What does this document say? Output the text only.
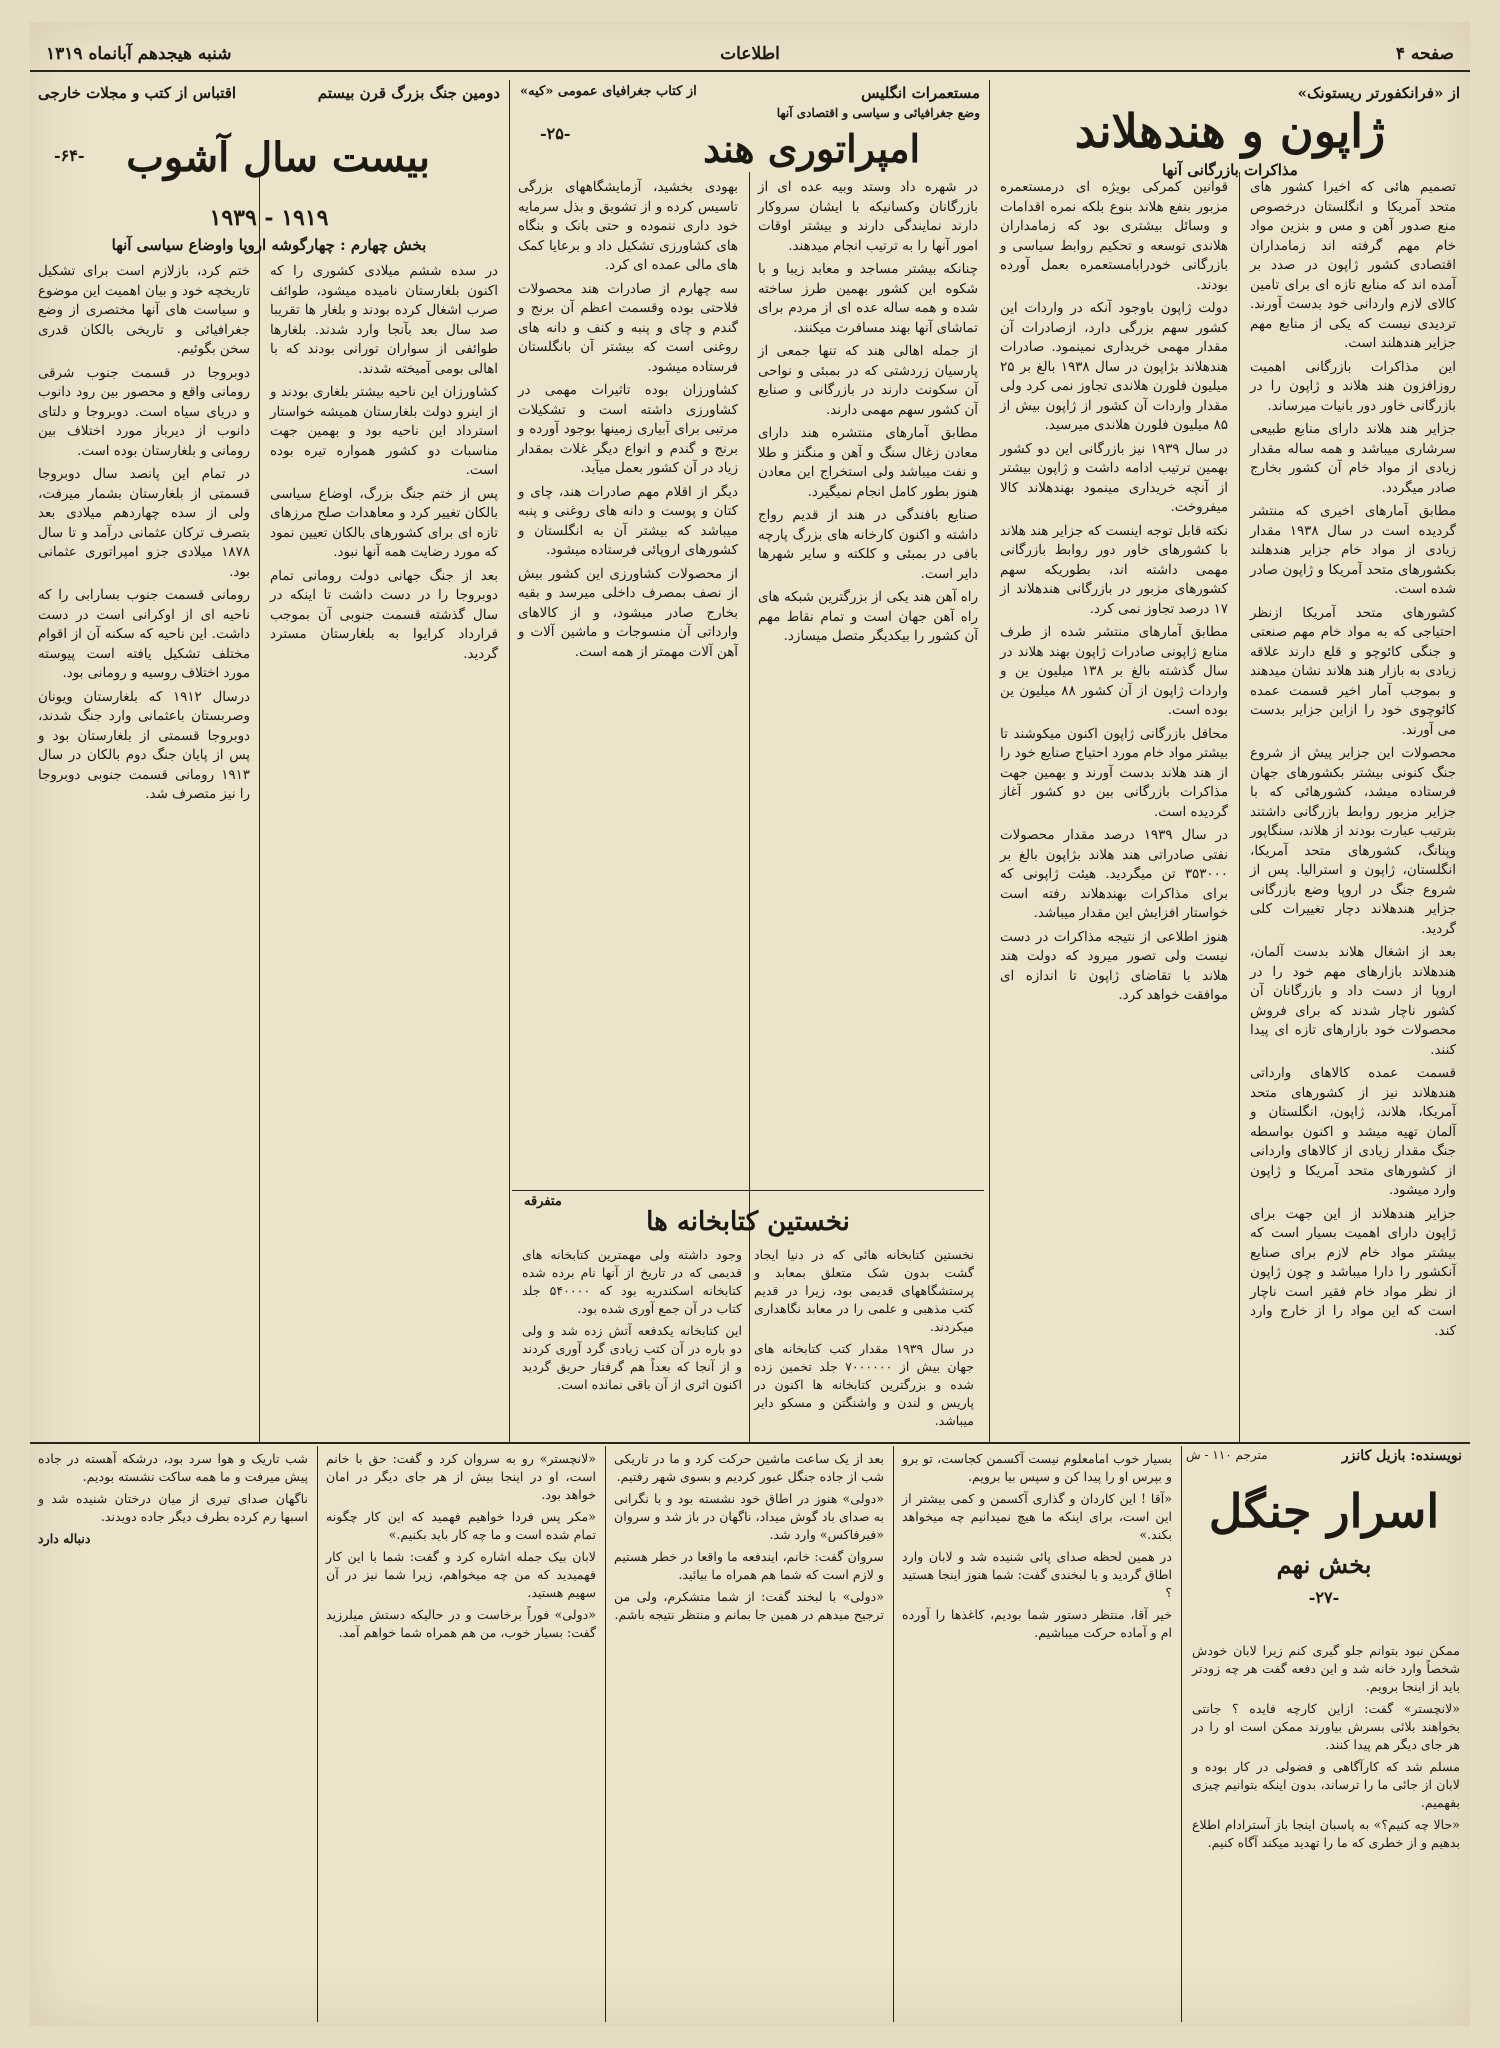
صفحه ۴
اطلاعات
شنبه هیجدهم آبانماه ۱۳۱۹
از «فرانکفورتر ریستونک»
ژاپون و هندهلاند
مذاکرات بازرگانی آنها

تصمیم هائی که اخیرا کشور های متحد آمریکا و انگلستان درخصوص منع صدور آهن و مس و بنزین مواد خام مهم گرفته اند زمامداران اقتصادی کشور ژاپون در صدد بر آمده اند که منابع تازه ای برای تامین کالای لازم واردانی خود بدست آورند. تردیدی نیست که یکی از منابع مهم جزایر هندهلند است.

این مذاکرات بازرگانی اهمیت روزافزون هند هلاند و ژاپون را در بازرگانی خاور دور بانیات میرساند.

جزایر هند هلاند دارای منابع طبیعی سرشاری میباشد و همه ساله مقدار زیادی از مواد خام آن کشور بخارج صادر میگردد.

مطابق آمارهای اخیری که منتشر گردیده است در سال ۱۹۳۸ مقدار زیادی از مواد خام جزایر هندهلند بکشورهای متحد آمریکا و ژاپون صادر شده است.

کشورهای متحد آمریکا ازنظر احتیاجی که به مواد خام مهم صنعتی و جنگی کائوچو و قلع دارند علاقه زیادی به بازار هند هلاند نشان میدهند و بموجب آمار اخیر قسمت عمده کائوچوی خود را ازاین جزایر بدست می آورند.

محصولات این جزایر پیش از شروع جنگ کنونی بیشتر بکشورهای جهان فرستاده میشد، کشورهائی که با جزایر مزبور روابط بازرگانی داشتند بترتیب عبارت بودند از هلاند، سنگاپور وپنانگ، کشورهای متحد آمریکا، انگلستان، ژاپون و استرالیا. پس از شروع جنگ در اروپا وضع بازرگانی جزایر هندهلاند دچار تغییرات کلی گردید.

بعد از اشغال هلاند بدست آلمان، هندهلاند بازارهای مهم خود را در اروپا از دست داد و بازرگانان آن کشور ناچار شدند که برای فروش محصولات خود بازارهای تازه ای پیدا کنند.

قسمت عمده کالاهای وارداتی هندهلاند نیز از کشورهای متحد آمریکا، هلاند، ژاپون، انگلستان و آلمان تهیه میشد و اکنون بواسطه جنگ مقدار زیادی از کالاهای واردانی از کشورهای متحد آمریکا و ژاپون وارد میشود.

جزایر هندهلاند از این جهت برای ژاپون دارای اهمیت بسیار است که بیشتر مواد خام لازم برای صنایع آنکشور را دارا میباشد و چون ژاپون از نظر مواد خام فقیر است ناچار است که این مواد را از خارج وارد کند.

قوانین کمرکی بویژه ای درمستعمره مزبور بنفع هلاند بنوع بلکه نمره اقدامات و وسائل بیشتری بود که زمامداران هلاندی توسعه و تحکیم روابط سیاسی و بازرگانی خودرابامستعمره بعمل آورده بودند.

دولت ژاپون باوجود آنکه در واردات این کشور سهم بزرگی دارد، ازصادرات آن مقدار مهمی خریداری نمینمود. صادرات هندهلاند بژاپون در سال ۱۹۳۸ بالغ بر ۲۵ میلیون فلورن هلاندی تجاوز نمی کرد ولی مقدار واردات آن کشور از ژاپون بیش از ۸۵ میلیون فلورن هلاندی میرسید.

در سال ۱۹۳۹ نیز بازرگانی این دو کشور بهمین ترتیب ادامه داشت و ژاپون بیشتر از آنچه خریداری مینمود بهندهلاند کالا میفروخت.

نکته قابل توجه اینست که جزایر هند هلاند با کشورهای خاور دور روابط بازرگانی مهمی داشته اند، بطوریکه سهم کشورهای مزبور در بازرگانی هندهلاند از ۱۷ درصد تجاوز نمی کرد.

مطابق آمارهای منتشر شده از طرف منابع ژاپونی صادرات ژاپون بهند هلاند در سال گذشته بالغ بر ۱۳۸ میلیون ین و واردات ژاپون از آن کشور ۸۸ میلیون ین بوده است.

محافل بازرگانی ژاپون اکنون میکوشند تا بیشتر مواد خام مورد احتیاج صنایع خود را از هند هلاند بدست آورند و بهمین جهت مذاکرات بازرگانی بین دو کشور آغاز گردیده است.

در سال ۱۹۳۹ درصد مقدار محصولات نفتی صادراتی هند هلاند بژاپون بالغ بر ۳۵۳۰۰۰ تن میگردید. هیئت ژاپونی که برای مذاکرات بهندهلاند رفته است خواستار افزایش این مقدار میباشد.

هنوز اطلاعی از نتیجه مذاکرات در دست نیست ولی تصور میرود که دولت هند هلاند با تقاضای ژاپون تا اندازه ای موافقت خواهد کرد.

مستعمرات انگلیس
از کتاب جغرافیای عمومی «کیه»
وضع جغرافیائی و سیاسی و اقتصادی آنها
-۲۵-	امپراتوری هند

در شهره داد وستد وبیه عده ای از بازرگانان وکسانیکه با ایشان سروکار دارند نمایندگی دارند و بیشتر اوقات امور آنها را به ترتیب انجام میدهند.

چنانکه بیشتر مساجد و معابد زیبا و با شکوه این کشور بهمین طرز ساخته شده و همه ساله عده ای از مردم برای تماشای آنها بهند مسافرت میکنند.

از جمله اهالی هند که تنها جمعی از پارسیان زردشتی که در بمبئی و نواحی آن سکونت دارند در بازرگانی و صنایع آن کشور سهم مهمی دارند.

مطابق آمارهای منتشره هند دارای معادن زغال سنگ و آهن و منگنز و طلا و نفت میباشد ولی استخراج این معادن هنوز بطور کامل انجام نمیگیرد.

صنایع بافندگی در هند از قدیم رواج داشته و اکنون کارخانه های بزرگ پارچه بافی در بمبئی و کلکته و سایر شهرها دایر است.

راه آهن هند یکی از بزرگترین شبکه های راه آهن جهان است و تمام نقاط مهم آن کشور را بیکدیگر متصل میسازد.

بهودی بخشید، آزمایشگاههای بزرگی تاسیس کرده و از تشویق و بذل سرمایه خود داری ننموده و حتی بانک و بنگاه های کشاورزی تشکیل داد و برعایا کمک های مالی عمده ای کرد.

سه چهارم از صادرات هند محصولات فلاحتی بوده وقسمت اعظم آن برنج و گندم و چای و پنبه و کنف و دانه های روغنی است که بیشتر آن بانگلستان فرستاده میشود.

کشاورزان بوده تاثیرات مهمی در کشاورزی داشته است و تشکیلات مرتبی برای آبیاری زمینها بوجود آورده و برنج و گندم و انواع دیگر غلات بمقدار زیاد در آن کشور بعمل میآید.

دیگر از اقلام مهم صادرات هند، چای و کتان و پوست و دانه های روغنی و پنبه میباشد که بیشتر آن به انگلستان و کشورهای اروپائی فرستاده میشود.

از محصولات کشاورزی این کشور بیش از نصف بمصرف داخلی میرسد و بقیه بخارج صادر میشود، و از کالاهای وارداتی آن منسوجات و ماشین آلات و آهن آلات مهمتر از همه است.

متفرقه
نخستین کتابخانه ها

نخستین کتابخانه هائی که در دنیا ایجاد گشت بدون شک متعلق بمعابد و پرستشگاههای قدیمی بود، زیرا در قدیم کتب مذهبی و علمی را در معابد نگاهداری میکردند.

در سال ۱۹۳۹ مقدار کتب کتابخانه های جهان بیش از ۷۰۰۰۰۰۰ جلد تخمین زده شده و بزرگترین کتابخانه ها اکنون در پاریس و لندن و واشنگتن و مسکو دایر میباشد.

وجود داشته ولی مهمترین کتابخانه های قدیمی که در تاریخ از آنها نام برده شده کتابخانه اسکندریه بود که ۵۴۰۰۰۰ جلد کتاب در آن جمع آوری شده بود.

این کتابخانه یکدفعه آتش زده شد و ولی دو باره در آن کتب زیادی گرد آوری کردند و از آنجا که بعداً هم گرفتار حریق گردید اکنون اثری از آن باقی نمانده است.

دومین جنگ بزرگ قرن بیستم
اقتباس از کتب و مجلات خارجی
-۶۴- بیست سال آشوب
۱۹۱۹ - ۱۹۳۹
بخش چهارم : چهارگوشه اروپا واوضاع سیاسی آنها

در سده ششم میلادی کشوری را که اکنون بلغارستان نامیده میشود، طوائف صرب اشغال کرده بودند و بلغار ها تقریبا صد سال بعد بآنجا وارد شدند. بلغارها طوائفی از سواران تورانی بودند که با اهالی بومی آمیخته شدند.

کشاورزان این ناحیه بیشتر بلغاری بودند و از اینرو دولت بلغارستان همیشه خواستار استرداد این ناحیه بود و بهمین جهت مناسبات دو کشور همواره تیره بوده است.

پس از ختم جنگ بزرگ، اوضاع سیاسی بالکان تغییر کرد و معاهدات صلح مرزهای تازه ای برای کشورهای بالکان تعیین نمود که مورد رضایت همه آنها نبود.

بعد از جنگ جهانی دولت رومانی تمام دوبروجا را در دست داشت تا اینکه در سال گذشته قسمت جنوبی آن بموجب قرارداد کرایوا به بلغارستان مسترد گردید.

ختم کرد، بازلازم است برای تشکیل تاریخچه خود و بیان اهمیت این موضوع و سیاست های آنها مختصری از وضع جغرافیائی و تاریخی بالکان قدری سخن بگوئیم.

دوبروجا در قسمت جنوب شرقی رومانی واقع و محصور بین رود دانوب و دریای سیاه است. دوبروجا و دلتای دانوب از دیرباز مورد اختلاف بین رومانی و بلغارستان بوده است.

در تمام این پانصد سال دوبروجا قسمتی از بلغارستان بشمار میرفت، ولی از سده چهاردهم میلادی بعد بتصرف ترکان عثمانی درآمد و تا سال ۱۸۷۸ میلادی جزو امپراتوری عثمانی بود.

رومانی قسمت جنوب بسارابی را که ناحیه ای از اوکرانی است در دست داشت. این ناحیه که سکنه آن از اقوام مختلف تشکیل یافته است پیوسته مورد اختلاف روسیه و رومانی بود.

درسال ۱۹۱۲ که بلغارستان ویونان وصربستان باعثمانی وارد جنگ شدند، دوبروجا قسمتی از بلغارستان بود و پس از پایان جنگ دوم بالکان در سال ۱۹۱۳ رومانی قسمت جنوبی دوبروجا را نیز متصرف شد.

نویسنده: بازیل کانزر
مترجم ۱۱۰ - ش
اسرار جنگل
بخش نهم
-۲۷-

ممکن نبود بتوانم جلو گیری کنم زیرا لابان خودش شخصاً وارد خانه شد و این دفعه گفت هر چه زودتر باید از اینجا برویم.

«لانچستر» گفت: ازاین کارچه فایده ؟ جانتی بخواهند بلائی بسرش بیاورند ممکن است او را در هر جای دیگر هم پیدا کنند.

مسلم شد که کارآگاهی و فضولی در کار بوده و لابان از جائی ما را ترساند، بدون اینکه بتوانیم چیزی بفهمیم.

«حالا چه کنیم؟» به پاسبان اینجا باز آسترادام اطلاع بدهیم و از خطری که ما را تهدید میکند آگاه کنیم.

بسیار خوب امامعلوم نیست آکسمن کجاست، تو برو و بپرس او را پیدا کن و سپس بیا برویم.

«آقا ! این کاردان و گذاری آکسمن و کمی بیشتر از این است، برای اینکه ما هیچ نمیدانیم چه میخواهد بکند.»

در همین لحظه صدای پائی شنیده شد و لابان وارد اطاق گردید و با لبخندی گفت: شما هنوز اینجا هستید ؟

خیر آقا، منتظر دستور شما بودیم، کاغذها را آورده ام و آماده حرکت میباشیم.

بعد از یک ساعت ماشین حرکت کرد و ما در تاریکی شب از جاده جنگل عبور کردیم و بسوی شهر رفتیم.

«دولی» هنوز در اطاق خود نشسته بود و با نگرانی به صدای باد گوش میداد، ناگهان در باز شد و سروان «فیرفاکس» وارد شد.

سروان گفت: خانم، ایندفعه ما واقعا در خطر هستیم و لازم است که شما هم همراه ما بیائید.

«دولی» با لبخند گفت: از شما متشکرم، ولی من ترجیح میدهم در همین جا بمانم و منتظر نتیجه باشم.

«لانچستر» رو به سروان کرد و گفت: حق با خانم است، او در اینجا بیش از هر جای دیگر در امان خواهد بود.

«مکر پس فردا خواهیم فهمید که این کار چگونه تمام شده است و ما چه کار باید بکنیم.»

لابان بیک جمله اشاره کرد و گفت: شما با این کار فهمیدید که من چه میخواهم، زیرا شما نیز در آن سهیم هستید.

«دولی» فوراً برخاست و در حالیکه دستش میلرزید گفت: بسیار خوب، من هم همراه شما خواهم آمد.

شب تاریک و هوا سرد بود، درشکه آهسته در جاده پیش میرفت و ما همه ساکت نشسته بودیم.

ناگهان صدای تیری از میان درختان شنیده شد و اسبها رم کرده بطرف دیگر جاده دویدند.

دنباله دارد
